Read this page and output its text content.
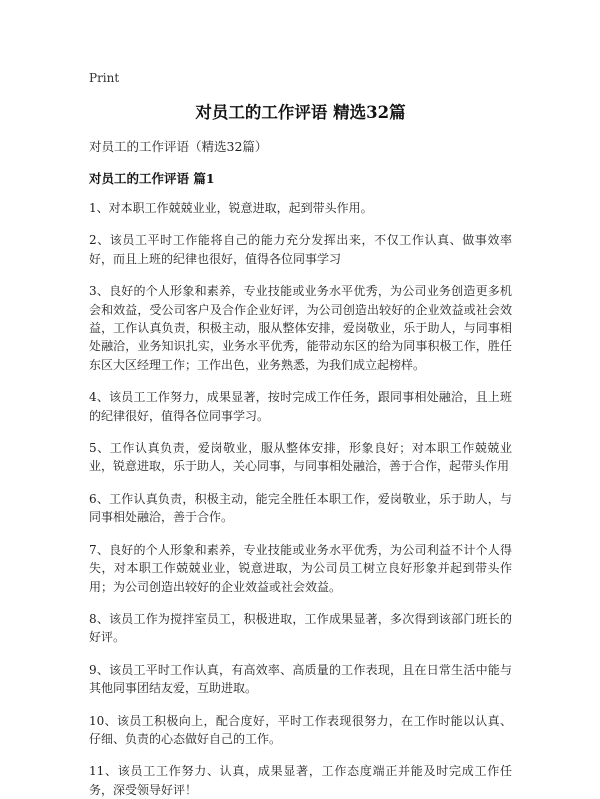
Print
对员工的工作评语 精选32篇

对员工的工作评语（精选32篇）

对员工的工作评语 篇1
1、对本职工作兢兢业业，锐意进取，起到带头作用。
2、该员工平时工作能将自己的能力充分发挥出来，不仅工作认真、做事效率好，而且上班的纪律也很好，值得各位同事学习
3、良好的个人形象和素养，专业技能或业务水平优秀，为公司业务创造更多机会和效益，受公司客户及合作企业好评，为公司创造出较好的企业效益或社会效益，工作认真负责，积极主动，服从整体安排，爱岗敬业，乐于助人，与同事相处融洽，业务知识扎实，业务水平优秀，能带动东区的给为同事积极工作，胜任东区大区经理工作；工作出色，业务熟悉，为我们成立起榜样。
4、该员工工作努力，成果显著，按时完成工作任务，跟同事相处融洽，且上班的纪律很好，值得各位同事学习。
5、工作认真负责，爱岗敬业，服从整体安排，形象良好；对本职工作兢兢业业，锐意进取，乐于助人，关心同事，与同事相处融洽，善于合作，起带头作用
6、工作认真负责，积极主动，能完全胜任本职工作，爱岗敬业，乐于助人，与同事相处融洽，善于合作。
7、良好的个人形象和素养，专业技能或业务水平优秀，为公司利益不计个人得失，对本职工作兢兢业业，锐意进取，为公司员工树立良好形象并起到带头作用；为公司创造出较好的企业效益或社会效益。
8、该员工作为搅拌室员工，积极进取，工作成果显著，多次得到该部门班长的好评。
9、该员工平时工作认真，有高效率、高质量的工作表现，且在日常生活中能与其他同事团结友爱，互助进取。
10、该员工积极向上，配合度好，平时工作表现很努力，在工作时能以认真、仔细、负责的心态做好自己的工作。
11、该员工工作努力、认真，成果显著，工作态度端正并能及时完成工作任务，深受领导好评！
